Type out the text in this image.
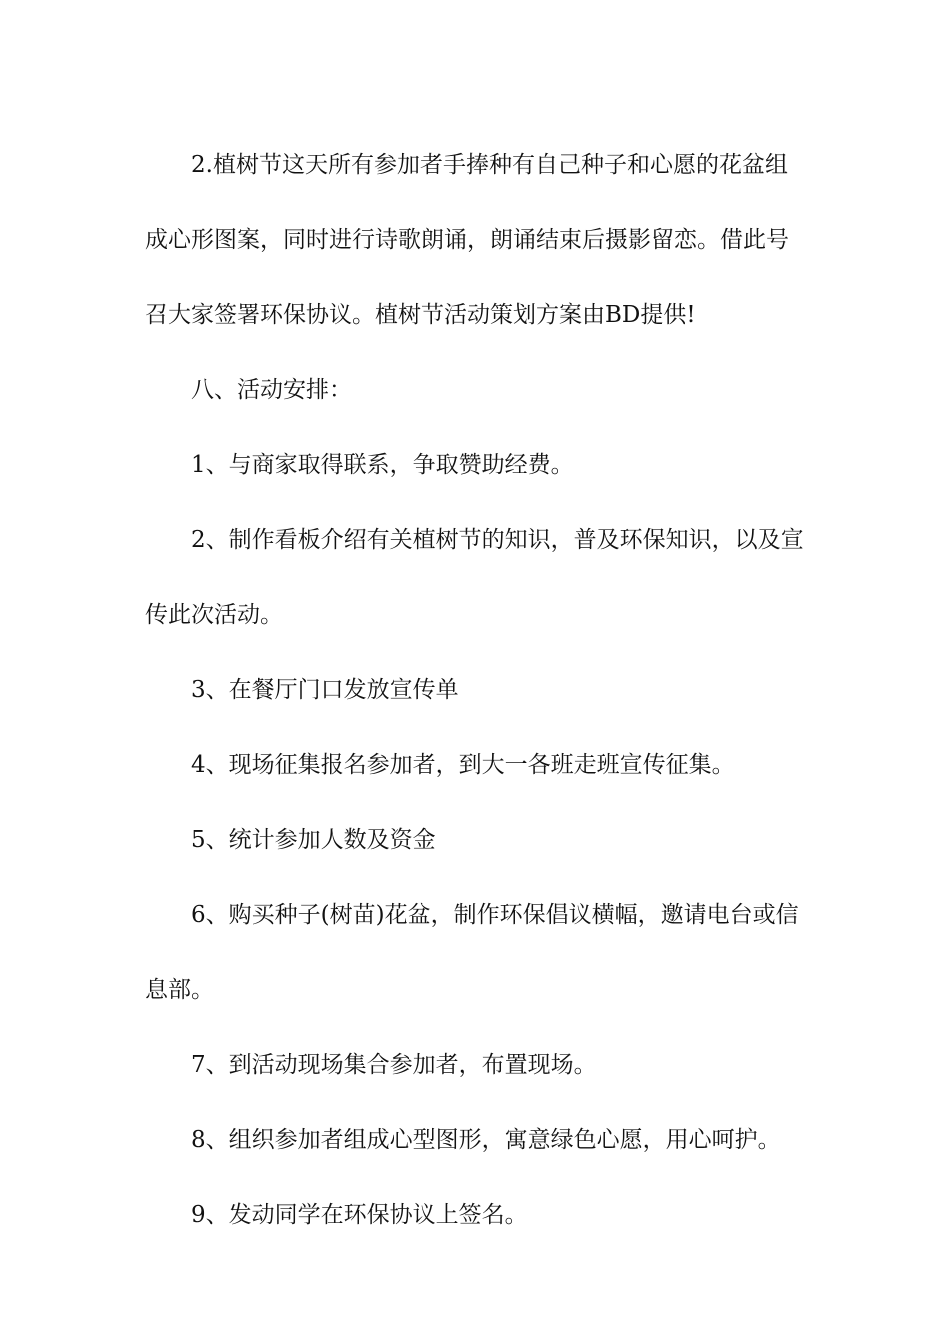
2.植树节这天所有参加者手捧种有自己种子和心愿的花盆组成心形图案，同时进行诗歌朗诵，朗诵结束后摄影留恋。借此号召大家签署环保协议。植树节活动策划方案由BD提供!

八、活动安排：

1、与商家取得联系，争取赞助经费。

2、制作看板介绍有关植树节的知识，普及环保知识，以及宣传此次活动。

3、在餐厅门口发放宣传单

4、现场征集报名参加者，到大一各班走班宣传征集。

5、统计参加人数及资金

6、购买种子(树苗)花盆，制作环保倡议横幅，邀请电台或信息部。

7、到活动现场集合参加者，布置现场。

8、组织参加者组成心型图形，寓意绿色心愿，用心呵护。

9、发动同学在环保协议上签名。
